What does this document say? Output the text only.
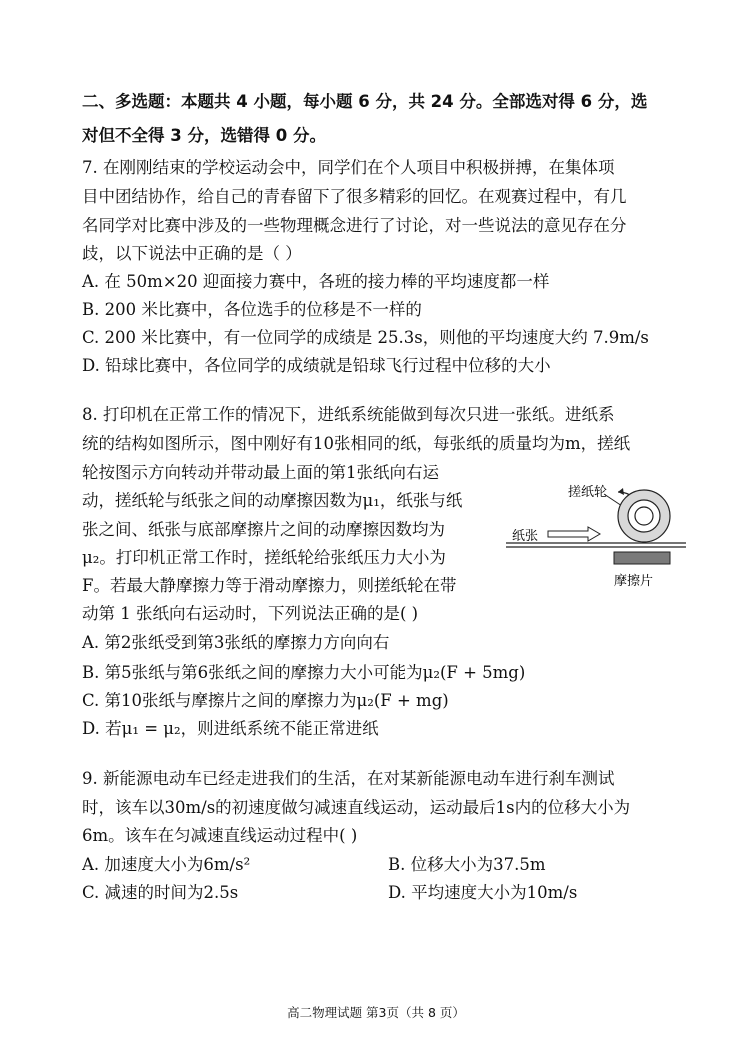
二、多选题：本题共 4 小题，每小题 6 分，共 24 分。全部选对得 6 分，选
对但不全得 3 分，选错得 0 分。
7. 在刚刚结束的学校运动会中，同学们在个人项目中积极拼搏，在集体项
目中团结协作，给自己的青春留下了很多精彩的回忆。在观赛过程中，有几
名同学对比赛中涉及的一些物理概念进行了讨论，对一些说法的意见存在分
歧，以下说法中正确的是（ ）
A. 在 50m×20 迎面接力赛中，各班的接力棒的平均速度都一样
B. 200 米比赛中，各位选手的位移是不一样的
C. 200 米比赛中，有一位同学的成绩是 25.3s，则他的平均速度大约 7.9m/s
D. 铅球比赛中，各位同学的成绩就是铅球飞行过程中位移的大小
8. 打印机在正常工作的情况下，进纸系统能做到每次只进一张纸。进纸系
统的结构如图所示，图中刚好有10张相同的纸，每张纸的质量均为m，搓纸
轮按图示方向转动并带动最上面的第1张纸向右运
动，搓纸轮与纸张之间的动摩擦因数为μ₁，纸张与纸
张之间、纸张与底部摩擦片之间的动摩擦因数均为
μ₂。打印机正常工作时，搓纸轮给张纸压力大小为
F。若最大静摩擦力等于滑动摩擦力，则搓纸轮在带
动第 1 张纸向右运动时，下列说法正确的是( )
A. 第2张纸受到第3张纸的摩擦力方向向右
B. 第5张纸与第6张纸之间的摩擦力大小可能为μ₂(F + 5mg)
C. 第10张纸与摩擦片之间的摩擦力为μ₂(F + mg)
D. 若μ₁ = μ₂，则进纸系统不能正常进纸
搓纸轮
纸张
摩擦片
9. 新能源电动车已经走进我们的生活，在对某新能源电动车进行刹车测试
时，该车以30m/s的初速度做匀减速直线运动，运动最后1s内的位移大小为
6m。该车在匀减速直线运动过程中( )
A. 加速度大小为6m/s²	B. 位移大小为37.5m
C. 减速的时间为2.5s	D. 平均速度大小为10m/s
高二物理试题 第3页（共 8 页）
